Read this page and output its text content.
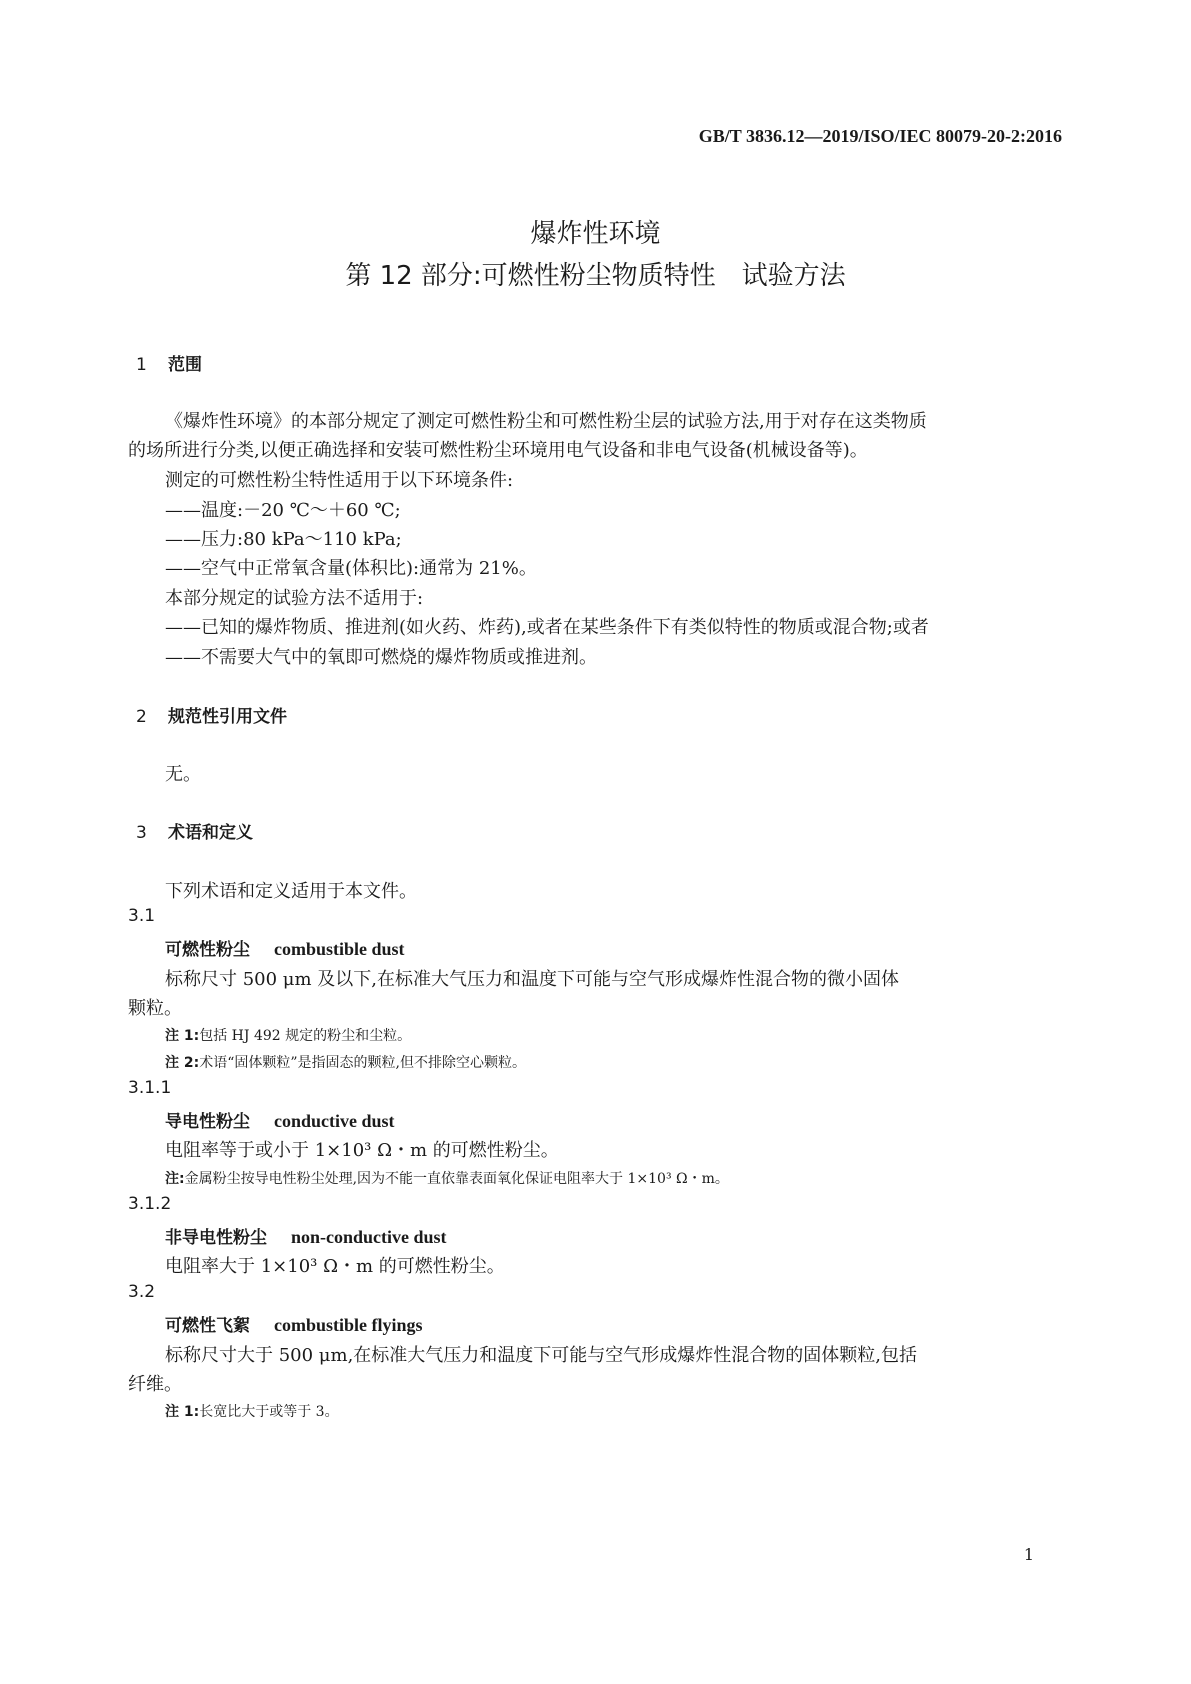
GB/T 3836.12—2019/ISO/IEC 80079-20-2:2016
爆炸性环境
第 12 部分:可燃性粉尘物质特性　试验方法
1 范围
《爆炸性环境》的本部分规定了测定可燃性粉尘和可燃性粉尘层的试验方法,用于对存在这类物质
的场所进行分类,以便正确选择和安装可燃性粉尘环境用电气设备和非电气设备(机械设备等)。
测定的可燃性粉尘特性适用于以下环境条件:
——温度:－20 ℃～＋60 ℃;
——压力:80 kPa～110 kPa;
——空气中正常氧含量(体积比):通常为 21%。
本部分规定的试验方法不适用于:
——已知的爆炸物质、推进剂(如火药、炸药),或者在某些条件下有类似特性的物质或混合物;或者
——不需要大气中的氧即可燃烧的爆炸物质或推进剂。
2 规范性引用文件
无。
3 术语和定义
下列术语和定义适用于本文件。
3.1
可燃性粉尘 combustible dust
标称尺寸 500 μm 及以下,在标准大气压力和温度下可能与空气形成爆炸性混合物的微小固体
颗粒。
注 1:包括 HJ 492 规定的粉尘和尘粒。
注 2:术语“固体颗粒”是指固态的颗粒,但不排除空心颗粒。
3.1.1
导电性粉尘 conductive dust
电阻率等于或小于 1×10³ Ω・m 的可燃性粉尘。
注:金属粉尘按导电性粉尘处理,因为不能一直依靠表面氧化保证电阻率大于 1×10³ Ω・m。
3.1.2
非导电性粉尘 non-conductive dust
电阻率大于 1×10³ Ω・m 的可燃性粉尘。
3.2
可燃性飞絮 combustible flyings
标称尺寸大于 500 μm,在标准大气压力和温度下可能与空气形成爆炸性混合物的固体颗粒,包括
纤维。
注 1:长宽比大于或等于 3。
1
